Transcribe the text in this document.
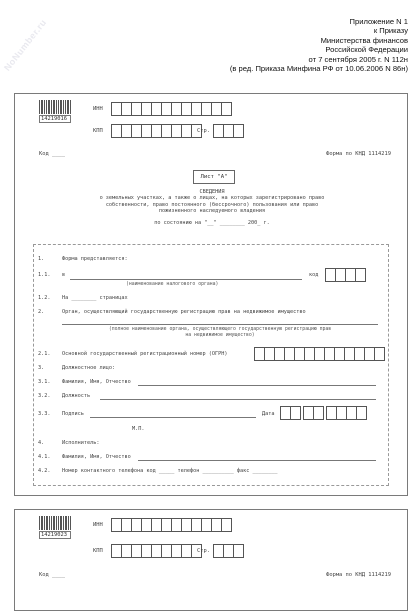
Приложение N 1
к Приказу
Министерства финансов
Российской Федерации
от 7 сентября 2005 г. N 112н
(в ред. Приказа Минфина РФ от 10.06.2006 N 86н)
NoNumber.ru
14219016
ИНН
КПП	Стр.
Код ____	Форма по КНД 1114219
Лист "А"
СВЕДЕНИЯ
о земельных участках, а также о лицах, на которых зарегистрировано право
собственности, право постоянного (бессрочного) пользования или право
пожизненного наследуемого владения
по состоянию на "__" ________ 200_ г.
1.	Форма представляется:
1.1. в	код
(наименование налогового органа)
1.2. На ________ страницах
2.	Орган, осуществляющий государственную регистрацию прав на недвижимое имущество
(полное наименование органа, осуществляющего государственную регистрацию прав
на недвижимое имущество)
2.1. Основной государственный регистрационный номер (ОГРН)
3.	Должностное лицо:
3.1. Фамилия, Имя, Отчество
3.2. Должность
3.3. Подпись	Дата
М.П.
4.	Исполнитель:
4.1. Фамилия, Имя, Отчество
4.2. Номер контактного телефона код _____ телефон __________ факс ________
14219023
ИНН
КПП	Стр.
Код ____	Форма по КНД 1114219
